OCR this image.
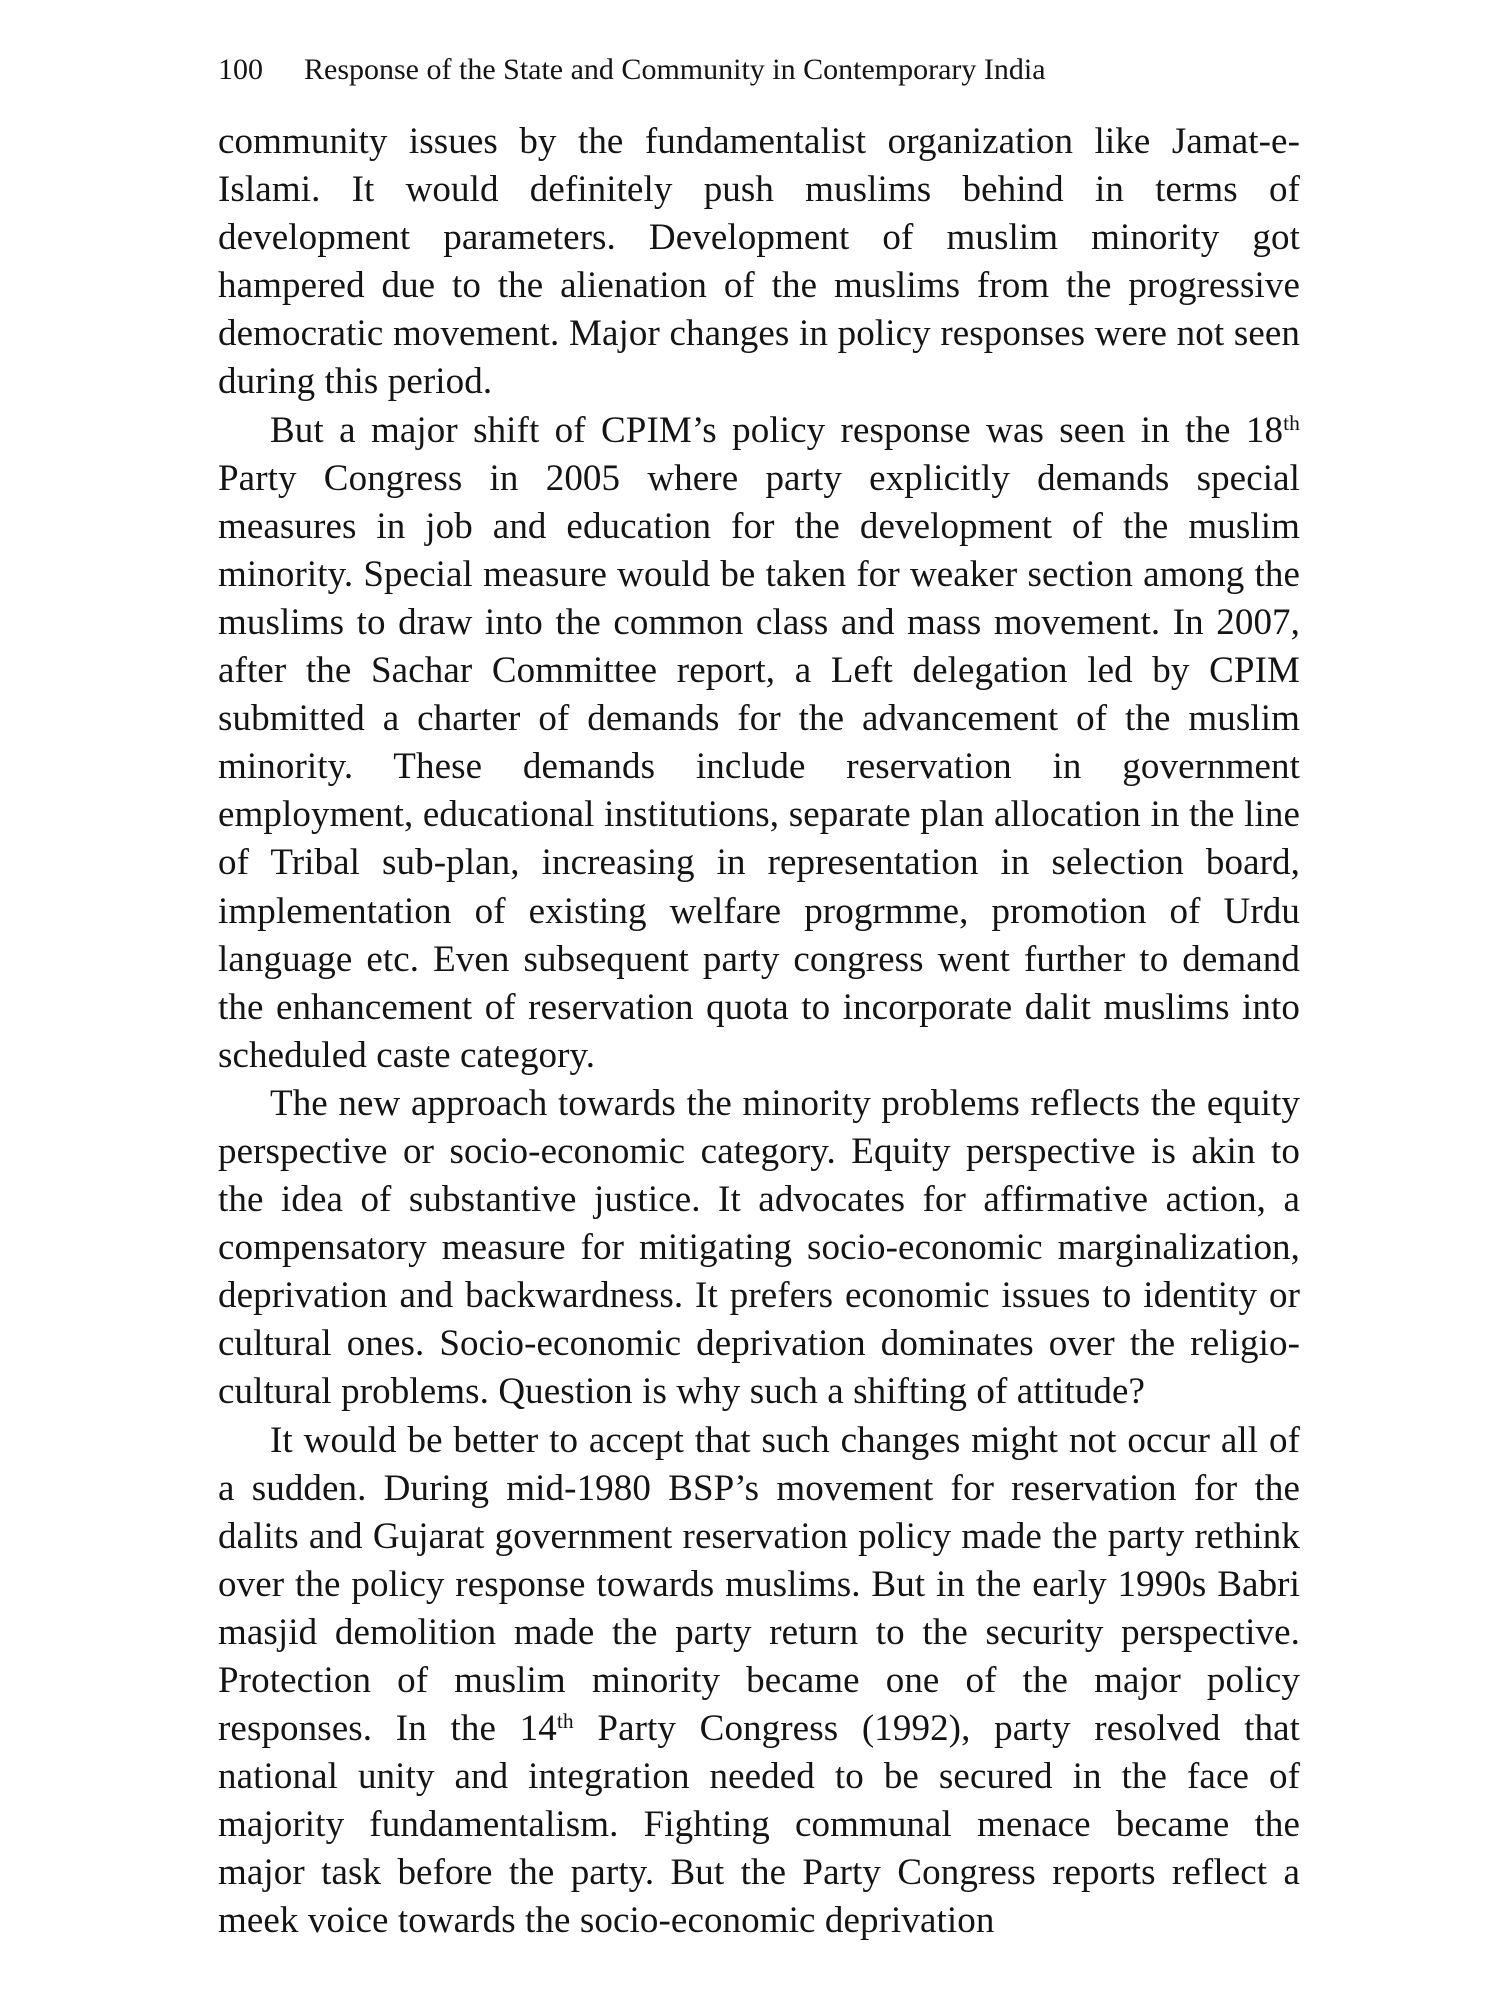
100 Response of the State and Community in Contemporary India

community issues by the fundamentalist organization like Jamat-e-Islami. It would definitely push muslims behind in terms of development parameters. Development of muslim minority got hampered due to the alienation of the muslims from the progressive democratic movement. Major changes in policy responses were not seen during this period.

But a major shift of CPIM’s policy response was seen in the 18th Party Congress in 2005 where party explicitly demands special measures in job and education for the development of the muslim minority. Special measure would be taken for weaker section among the muslims to draw into the common class and mass movement. In 2007, after the Sachar Committee report, a Left delegation led by CPIM submitted a charter of demands for the advancement of the muslim minority. These demands include reservation in government employment, educational institutions, separate plan allocation in the line of Tribal sub-plan, increasing in representation in selection board, implementation of existing welfare progrmme, promotion of Urdu language etc. Even subsequent party congress went further to demand the enhancement of reservation quota to incorporate dalit muslims into scheduled caste category.

The new approach towards the minority problems reflects the equity perspective or socio-economic category. Equity perspective is akin to the idea of substantive justice. It advocates for affirmative action, a compensatory measure for mitigating socio-economic marginalization, deprivation and backwardness. It prefers economic issues to identity or cultural ones. Socio-economic deprivation dominates over the religio-cultural problems. Question is why such a shifting of attitude?

It would be better to accept that such changes might not occur all of a sudden. During mid-1980 BSP’s movement for reservation for the dalits and Gujarat government reservation policy made the party rethink over the policy response towards muslims. But in the early 1990s Babri masjid demolition made the party return to the security perspective. Protection of muslim minority became one of the major policy responses. In the 14th Party Congress (1992), party resolved that national unity and integration needed to be secured in the face of majority fundamentalism. Fighting communal menace became the major task before the party. But the Party Congress reports reflect a meek voice towards the socio-economic deprivation
